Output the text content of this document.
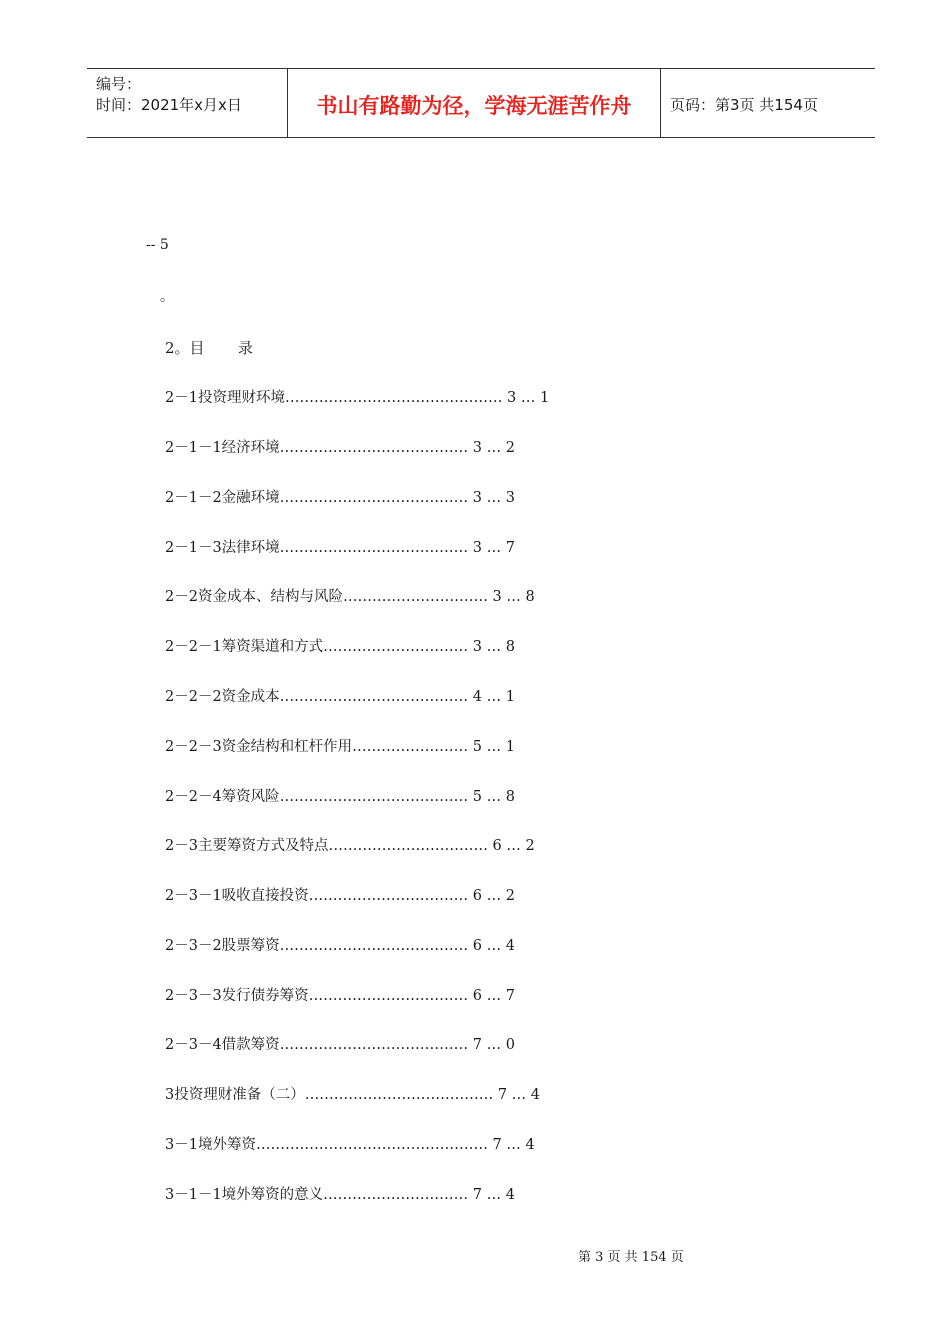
编号：
时间：2021年x月x日	书山有路勤为径，学海无涯苦作舟	页码：第3页 共154页
-- 5
。
2。目       录
2－1投资理财环境……………………………………… 3 … 1
2－1－1经济环境………………………………… 3 … 2
2－1－2金融环境………………………………… 3 … 3
2－1－3法律环境………………………………… 3 … 7
2－2资金成本、结构与风险………………………… 3 … 8
2－2－1筹资渠道和方式………………………… 3 … 8
2－2－2资金成本………………………………… 4 … 1
2－2－3资金结构和杠杆作用…………………… 5 … 1
2－2－4筹资风险………………………………… 5 … 8
2－3主要筹资方式及特点…………………………… 6 … 2
2－3－1吸收直接投资…………………………… 6 … 2
2－3－2股票筹资………………………………… 6 … 4
2－3－3发行债券筹资…………………………… 6 … 7
2－3－4借款筹资………………………………… 7 … 0
3投资理财准备（二）………………………………… 7 … 4
3－1境外筹资………………………………………… 7 … 4
3－1－1境外筹资的意义………………………… 7 … 4
第 3 页 共 154 页
